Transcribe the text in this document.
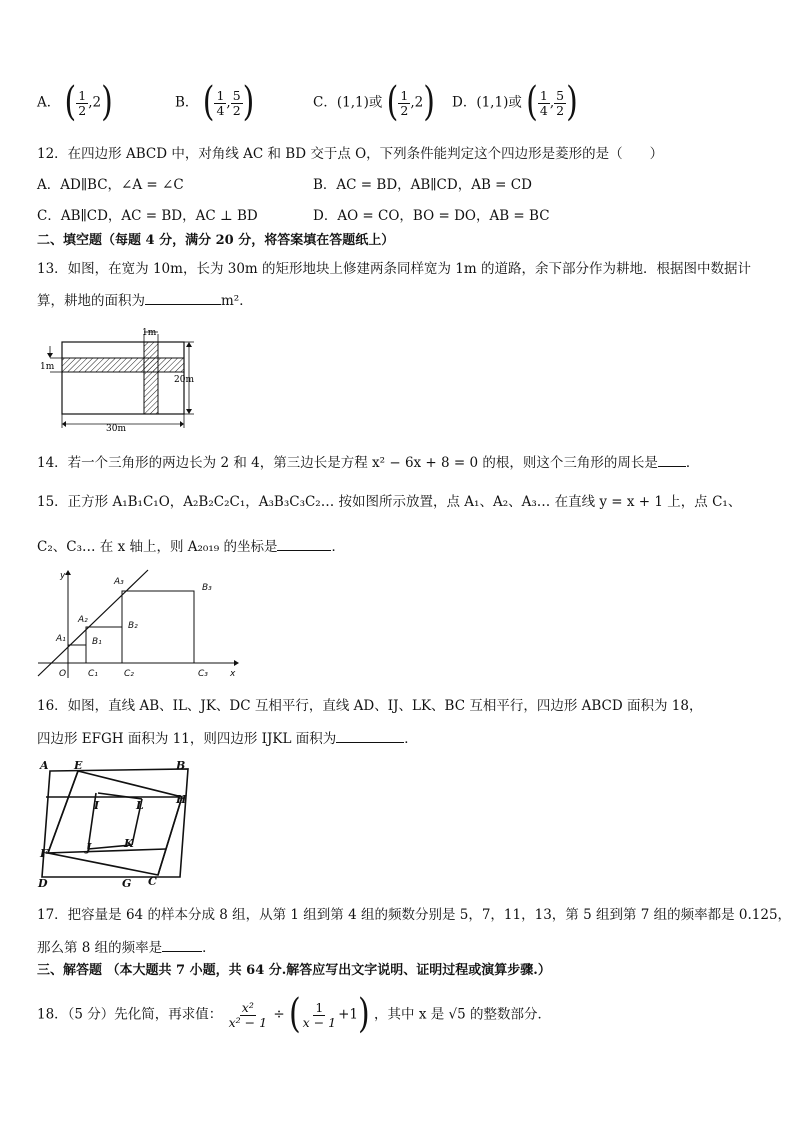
A． ( $\frac{1}{2} ,2$)	B． ( $\frac{1}{4}$ , $\frac{5}{2}$ )	C．(1,1)或 ( $\frac{1}{2} ,2$) D．(1,1)或 ( $\frac{1}{4}$ , $\frac{5}{2}$ )
12．在四边形 ABCD 中，对角线 AC 和 BD 交于点 O，下列条件能判定这个四边形是菱形的是（　　）
A．AD∥BC，∠A = ∠C	B．AC = BD，AB∥CD，AB = CD
C．AB∥CD，AC = BD，AC ⊥ BD	D．AO = CO，BO = DO，AB = BC
二、填空题（每题 4 分，满分 20 分，将答案填在答题纸上）
13．如图，在宽为 10m，长为 30m 的矩形地块上修建两条同样宽为 1m 的道路，余下部分作为耕地．根据图中数据计
算，耕地的面积为	m²．
1m
1m
20m
30m
14．若一个三角形的两边长为 2 和 4，第三边长是方程 x² − 6x + 8 = 0 的根，则这个三角形的周长是 ．
15．正方形 A₁B₁C₁O，A₂B₂C₂C₁，A₃B₃C₃C₂… 按如图所示放置，点 A₁、A₂、A₃… 在直线 y = x + 1 上，点 C₁、
C₂、C₃… 在 x 轴上，则 A₂₀₁₉ 的坐标是	．
y
x
O
A₁
A₂
A₃
B₁
B₂
B₃
C₁	C₂	C₃
16．如图，直线 AB、IL、JK、DC 互相平行，直线 AD、IJ、LK、BC 互相平行，四边形 ABCD 面积为 18，
四边形 EFGH 面积为 11，则四边形 IJKL 面积为	．
A	B
C
D
E
F
G
H
I
J	K
L
17．把容量是 64 的样本分成 8 组，从第 1 组到第 4 组的频数分别是 5，7，11，13，第 5 组到第 7 组的频率都是 0.125，
那么第 8 组的频率是	．
三、解答题 （本大题共 7 小题，共 64 分.解答应写出文字说明、证明过程或演算步骤.）
18．（5 分）先化简，再求值： $\frac{\text{x²}}{\text{x² − 1}}$ ÷ ( $\frac{1}{x - 1} +1$) ，其中 x 是 √5 的整数部分．
